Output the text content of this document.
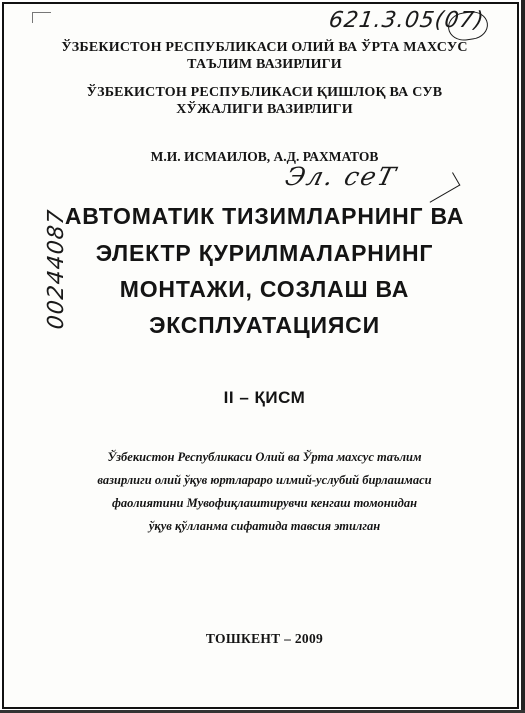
621.3.05(07)
ЎЗБЕКИСТОН РЕСПУБЛИКАСИ ОЛИЙ ВА ЎРТА МАХСУС
ТАЪЛИМ ВАЗИРЛИГИ
ЎЗБЕКИСТОН РЕСПУБЛИКАСИ ҚИШЛОҚ ВА СУВ
ХЎЖАЛИГИ ВАЗИРЛИГИ
М.И. ИСМАИЛОВ, А.Д. РАХМАТОВ
Эл. сеТ
АВТОМАТИК ТИЗИМЛАРНИНГ ВА
ЭЛЕКТР ҚУРИЛМАЛАРНИНГ
МОНТАЖИ, СОЗЛАШ ВА
ЭКСПЛУАТАЦИЯСИ
00244087
II – ҚИСМ
Ўзбекистон Республикаси Олий ва Ўрта махсус таълим
вазирлиги олий ўқув юртлараро илмий-услубий бирлашмаси
фаолиятини Мувофиқлаштирувчи кенгаш томонидан
ўқув қўлланма сифатида тавсия этилган
ТОШКЕНТ – 2009
